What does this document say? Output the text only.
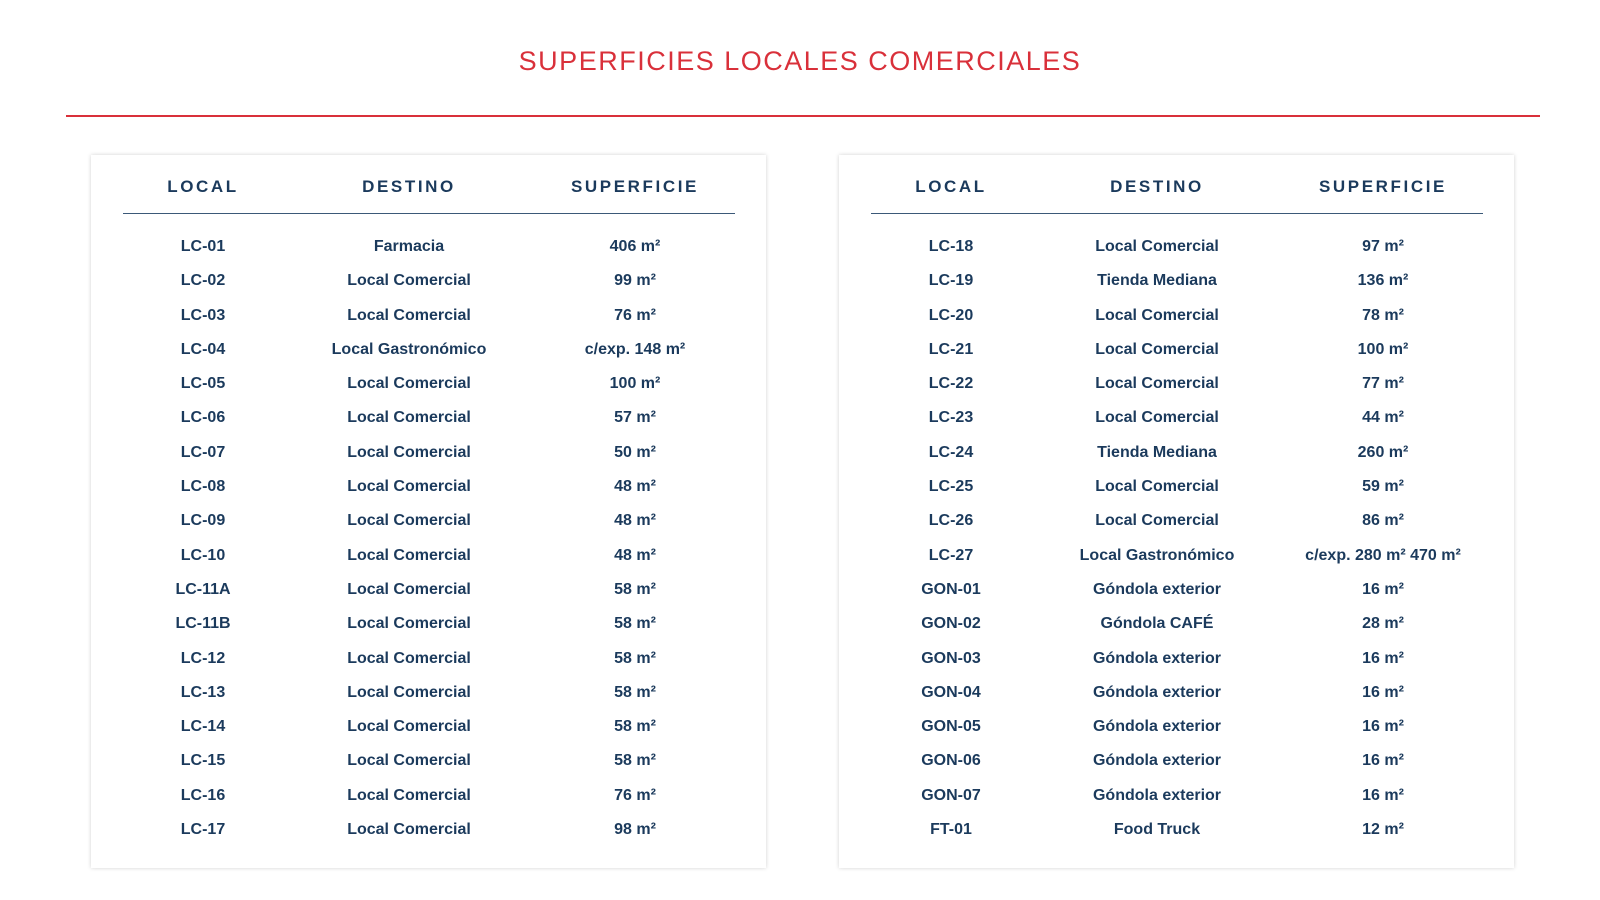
SUPERFICIES LOCALES COMERCIALES
LOCAL	DESTINO	SUPERFICIE
LC-01	Farmacia	406 m²
LC-02	Local Comercial	99 m²
LC-03	Local Comercial	76 m²
LC-04	Local Gastronómico	c/exp. 148 m²
LC-05	Local Comercial	100 m²
LC-06	Local Comercial	57 m²
LC-07	Local Comercial	50 m²
LC-08	Local Comercial	48 m²
LC-09	Local Comercial	48 m²
LC-10	Local Comercial	48 m²
LC-11A	Local Comercial	58 m²
LC-11B	Local Comercial	58 m²
LC-12	Local Comercial	58 m²
LC-13	Local Comercial	58 m²
LC-14	Local Comercial	58 m²
LC-15	Local Comercial	58 m²
LC-16	Local Comercial	76 m²
LC-17	Local Comercial	98 m²
LOCAL	DESTINO	SUPERFICIE
LC-18	Local Comercial	97 m²
LC-19	Tienda Mediana	136 m²
LC-20	Local Comercial	78 m²
LC-21	Local Comercial	100 m²
LC-22	Local Comercial	77 m²
LC-23	Local Comercial	44 m²
LC-24	Tienda Mediana	260 m²
LC-25	Local Comercial	59 m²
LC-26	Local Comercial	86 m²
LC-27	Local Gastronómico	c/exp. 280 m² 470 m²
GON-01	Góndola exterior	16 m²
GON-02	Góndola CAFÉ	28 m²
GON-03	Góndola exterior	16 m²
GON-04	Góndola exterior	16 m²
GON-05	Góndola exterior	16 m²
GON-06	Góndola exterior	16 m²
GON-07	Góndola exterior	16 m²
FT-01	Food Truck	12 m²
